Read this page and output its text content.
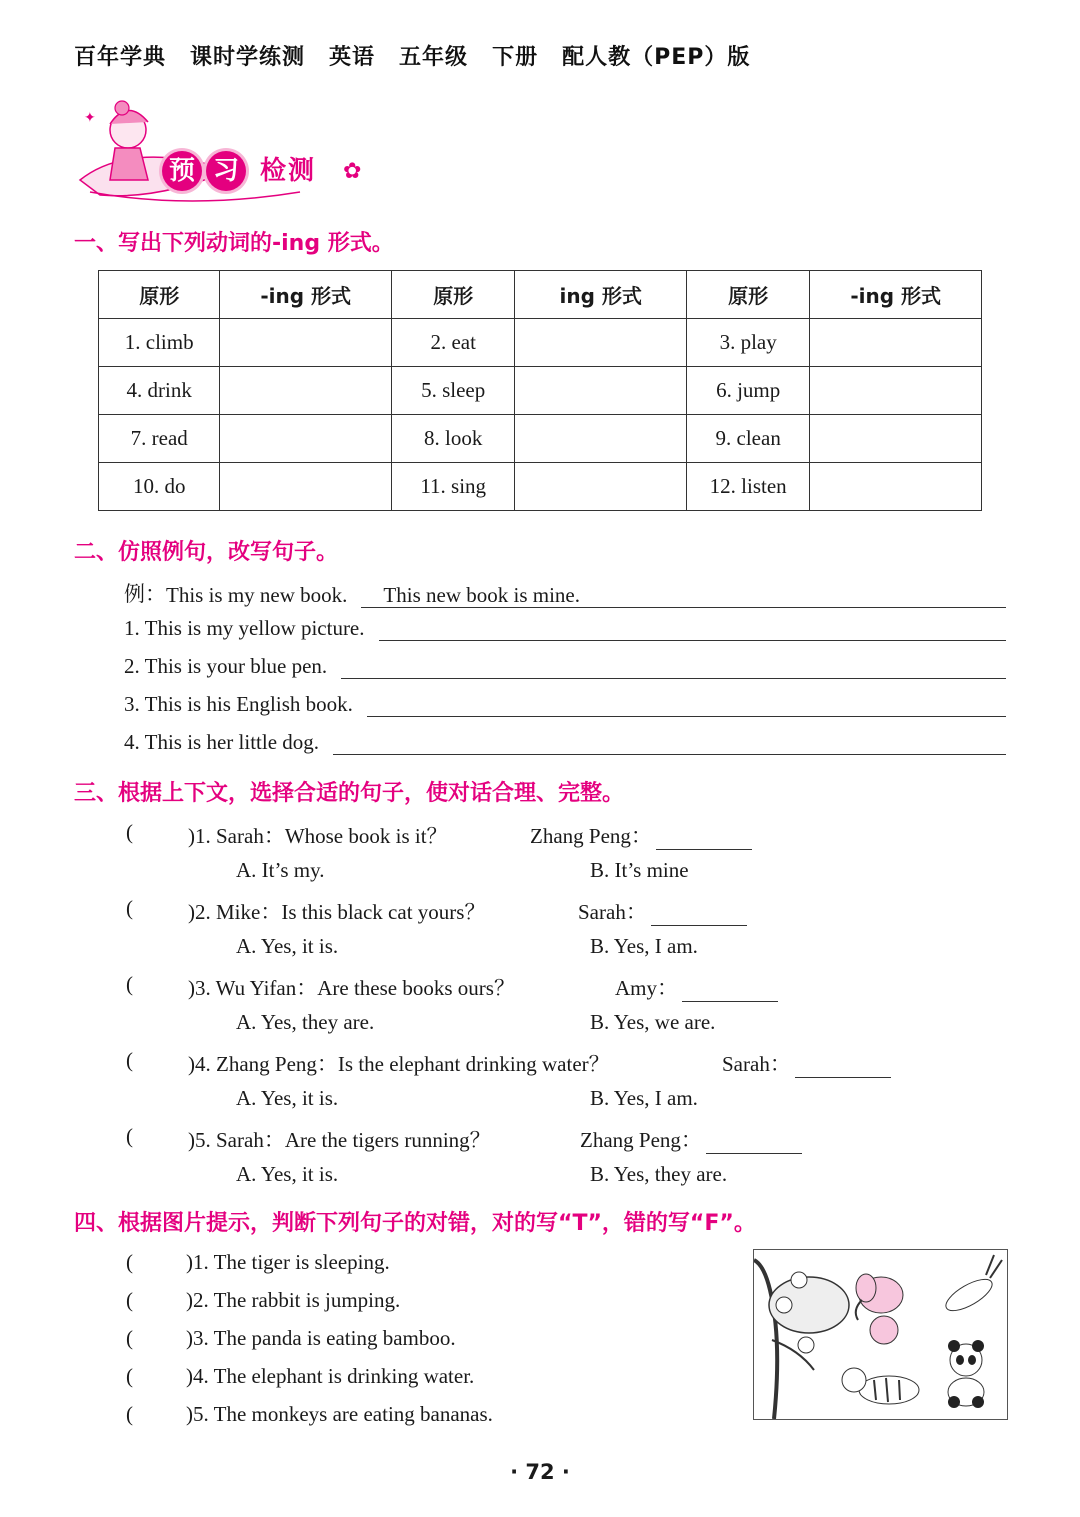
百年学典 课时学练测 英语 五年级 下册 配人教（PEP）版
✦
✿
预 习 检测
一、写出下列动词的-ing 形式。
原形	-ing 形式	原形	ing 形式	原形	-ing 形式
1. climb		2. eat		3. play	
4. drink		5. sleep		6. jump	
7. read		8. look		9. clean	
10. do		11. sing		12. listen	
二、仿照例句，改写句子。
例： This is my new book.	This new book is mine.
1. This is my yellow picture.
2. This is your blue pen.
3. This is his English book.
4. This is her little dog.
三、根据上下文，选择合适的句子，使对话合理、完整。
(	)1. Sarah：Whose book is it？	Zhang Peng：
A. It’s my.	B. It’s mine
(	)2. Mike：Is this black cat yours？	Sarah：
A. Yes, it is.	B. Yes, I am.
(	)3. Wu Yifan：Are these books ours？	Amy：
A. Yes, they are.	B. Yes, we are.
(	)4. Zhang Peng：Is the elephant drinking water？	Sarah：
A. Yes, it is.	B. Yes, I am.
(	)5. Sarah：Are the tigers running？	Zhang Peng：
A. Yes, it is.	B. Yes, they are.
四、根据图片提示，判断下列句子的对错，对的写“T”，错的写“F”。
(	)1. The tiger is sleeping.
(	)2. The rabbit is jumping.
(	)3. The panda is eating bamboo.
(	)4. The elephant is drinking water.
(	)5. The monkeys are eating bananas.
· 72 ·
